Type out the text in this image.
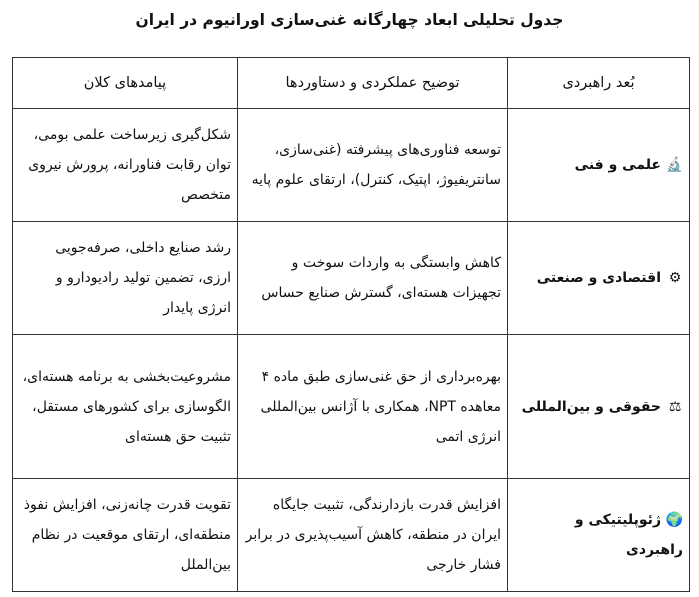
جدول تحلیلی ابعاد چهارگانه غنی‌سازی اورانیوم در ایران
بُعد راهبردی	توضیح عملکردی و دستاوردها	پیامدهای کلان
🔬علمی و فنی	توسعه فناوری‌های پیشرفته (غنی‌سازی، سانتریفیوژ، اپتیک، کنترل)، ارتقای علوم پایه	شکل‌گیری زیرساخت علمی بومی، توان رقابت فناورانه، پرورش نیروی متخصص
⚙اقتصادی و صنعتی	کاهش وابستگی به واردات سوخت و تجهیزات هسته‌ای، گسترش صنایع حساس	رشد صنایع داخلی، صرفه‌جویی ارزی، تضمین تولید رادیودارو و انرژی پایدار
⚖حقوقی و بین‌المللی	بهره‌برداری از حق غنی‌سازی طبق ماده ۴ معاهده NPT، همکاری با آژانس بین‌المللی انرژی اتمی	مشروعیت‌بخشی به برنامه هسته‌ای، الگوسازی برای کشورهای مستقل، تثبیت حق هسته‌ای
🌍ژئوپلیتیکی و راهبردی	افزایش قدرت بازدارندگی، تثبیت جایگاه ایران در منطقه، کاهش آسیب‌پذیری در برابر فشار خارجی	تقویت قدرت چانه‌زنی، افزایش نفوذ منطقه‌ای، ارتقای موقعیت در نظام بین‌الملل
